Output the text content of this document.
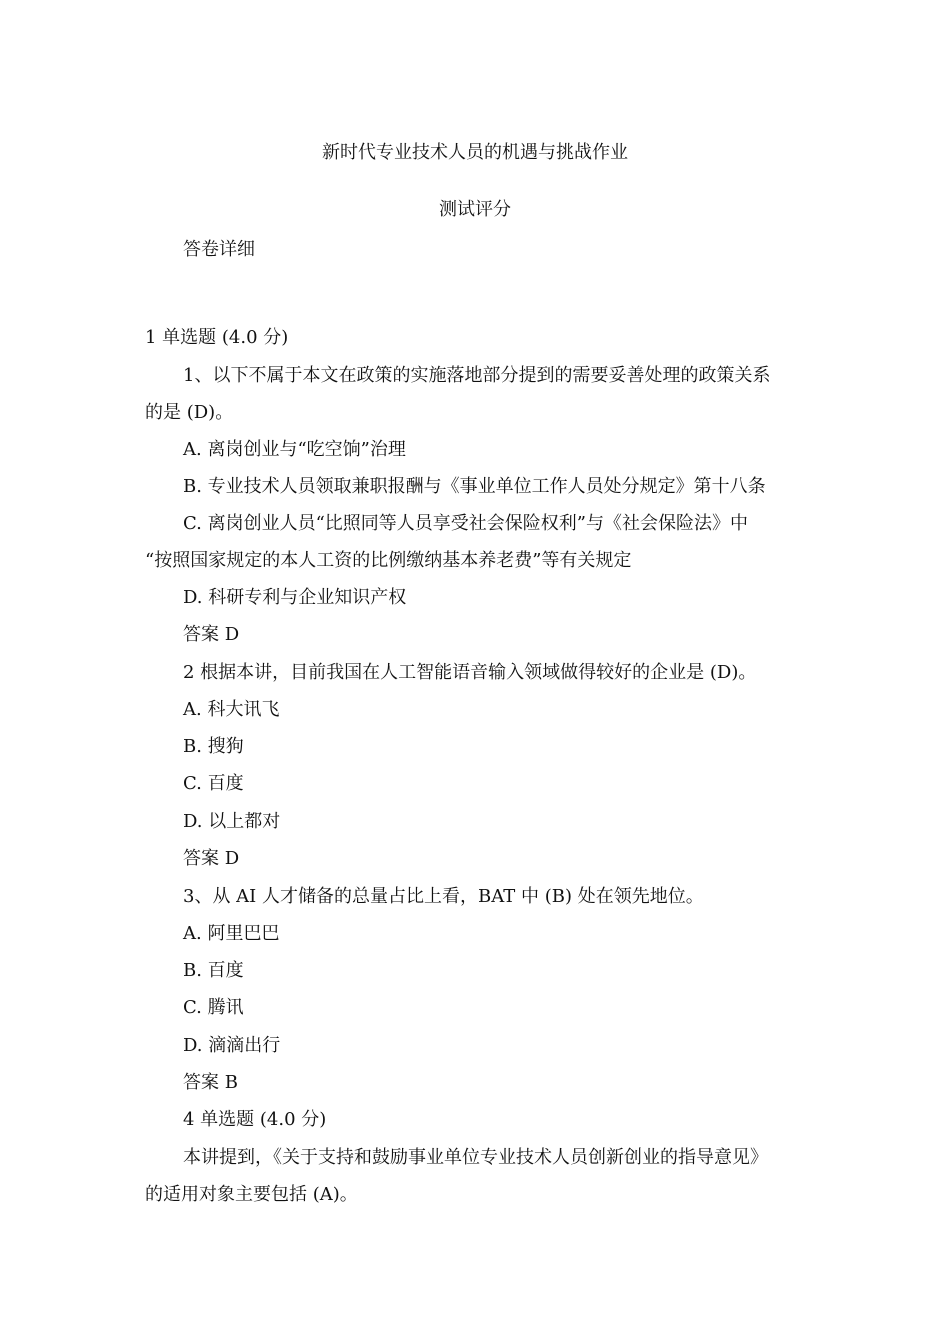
新时代专业技术人员的机遇与挑战作业
测试评分
答卷详细
1 单选题 (4.0 分)
1、以下不属于本文在政策的实施落地部分提到的需要妥善处理的政策关系
的是 (D)。
A. 离岗创业与“吃空饷”治理
B. 专业技术人员领取兼职报酬与《事业单位工作人员处分规定》第十八条
C. 离岗创业人员“比照同等人员享受社会保险权利”与《社会保险法》中
“按照国家规定的本人工资的比例缴纳基本养老费”等有关规定
D. 科研专利与企业知识产权
答案 D
2 根据本讲，目前我国在人工智能语音输入领域做得较好的企业是 (D)。
A. 科大讯飞
B. 搜狗
C. 百度
D. 以上都对
答案 D
3、从 AI 人才储备的总量占比上看，BAT 中 (B) 处在领先地位。
A. 阿里巴巴
B. 百度
C. 腾讯
D. 滴滴出行
答案 B
4 单选题 (4.0 分)
本讲提到，《关于支持和鼓励事业单位专业技术人员创新创业的指导意见》
的适用对象主要包括 (A)。
